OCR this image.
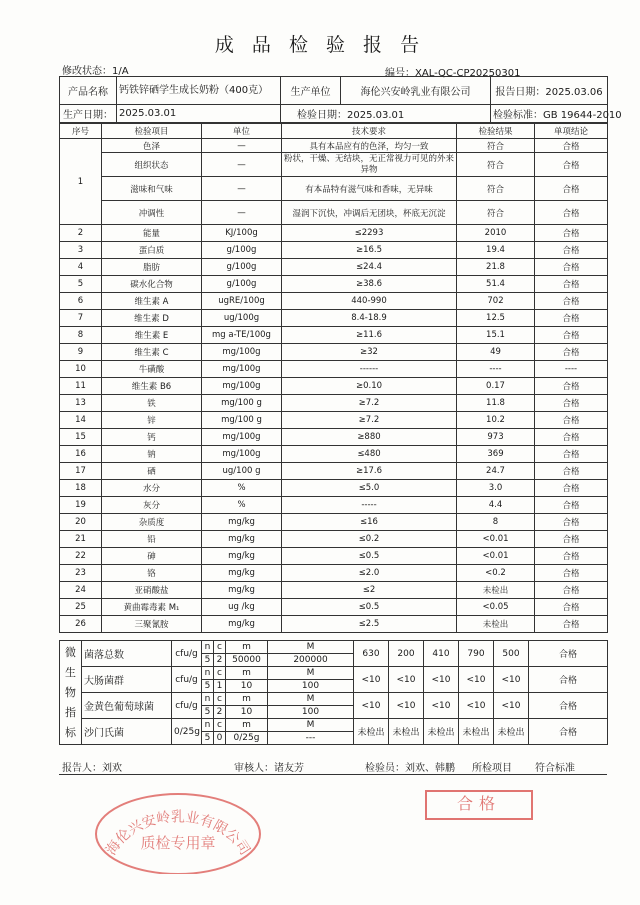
成 品 检 验 报 告
修改状态：1/A	编号：XAL-QC-CP20250301
产品名称	钙铁锌硒学生成长奶粉（400克）	生产单位	海伦兴安岭乳业有限公司	报告日期：2025.03.06
生产日期：	2025.03.01	检验日期：2025.03.01		检验标准：GB 19644-2010
序号	检验项目	单位	技术要求	检验结果	单项结论
1	色泽	—	具有本品应有的色泽，均匀一致	符合	合格
	组织状态	—	粉状，干燥、无结块，无正常视力可见的外来异物	符合	合格
	滋味和气味	—	有本品特有滋气味和香味，无异味	符合	合格
	冲调性	—	湿润下沉快，冲调后无团块，杯底无沉淀	符合	合格
2	能量	KJ/100g	≤2293	2010	合格
3	蛋白质	g/100g	≥16.5	19.4	合格
4	脂肪	g/100g	≤24.4	21.8	合格
5	碳水化合物	g/100g	≥38.6	51.4	合格
6	维生素 A	ugRE/100g	440-990	702	合格
7	维生素 D	ug/100g	8.4-18.9	12.5	合格
8	维生素 E	mg a-TE/100g	≥11.6	15.1	合格
9	维生素 C	mg/100g	≥32	49	合格
10	牛磺酸	mg/100g	------	----	----
11	维生素 B6	mg/100g	≥0.10	0.17	合格
13	铁	mg/100 g	≥7.2	11.8	合格
14	锌	mg/100 g	≥7.2	10.2	合格
15	钙	mg/100g	≥880	973	合格
16	钠	mg/100g	≤480	369	合格
17	硒	ug/100 g	≥17.6	24.7	合格
18	水分	%	≤5.0	3.0	合格
19	灰分	%	-----	4.4	合格
20	杂质度	mg/kg	≤16	8	合格
21	铅	mg/kg	≤0.2	<0.01	合格
22	砷	mg/kg	≤0.5	<0.01	合格
23	铬	mg/kg	≤2.0	<0.2	合格
24	亚硝酸盐	mg/kg	≤2	未检出	合格
25	黄曲霉毒素 M₁	ug /kg	≤0.5	<0.05	合格
26	三聚氰胺	mg/kg	≤2.5	未检出	合格
微生物指标	菌落总数	cfu/g	n	c	m	M	630	200	410	790	500	合格
			5	2	50000	200000						
	大肠菌群	cfu/g	n	c	m	M	<10	<10	<10	<10	<10	合格
			5	1	10	100						
	金黄色葡萄球菌	cfu/g	n	c	m	M	<10	<10	<10	<10	<10	合格
			5	2	10	100						
	沙门氏菌	0/25g	n	c	m	M	未检出	未检出	未检出	未检出	未检出	合格
			5	0	0/25g	---						
报告人：刘欢	审核人：诸友芳	检验员：刘欢、韩鹏 所检项目 符合标准
海伦兴安岭乳业有限公司
质检专用章
合格
